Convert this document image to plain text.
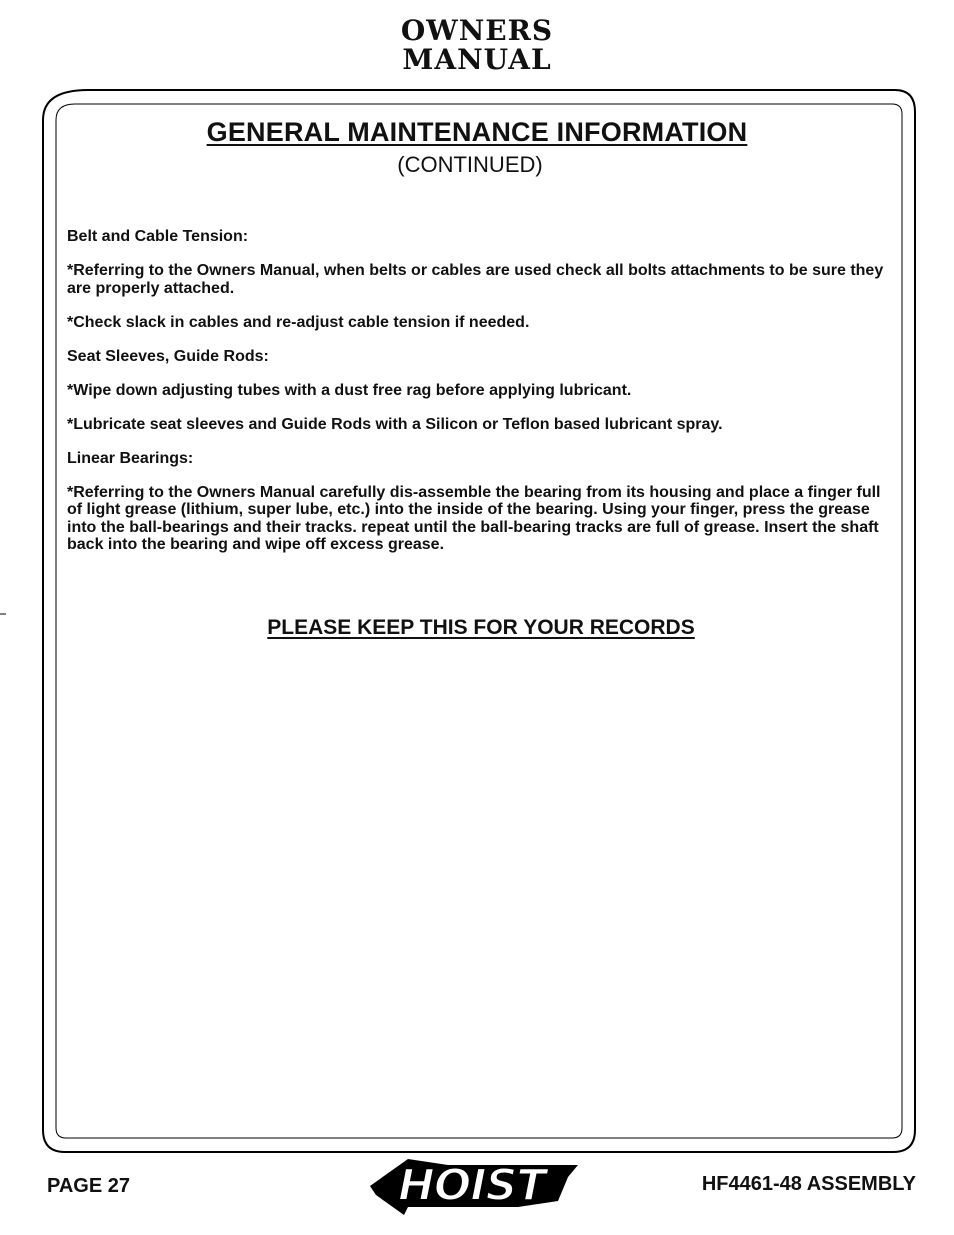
OWNERS
MANUAL
GENERAL MAINTENANCE INFORMATION
(CONTINUED)

Belt and Cable Tension:

*Referring to the Owners Manual, when belts or cables are used check all bolts attachments to be sure they are properly attached.

*Check slack in cables and re-adjust cable tension if needed.

Seat Sleeves, Guide Rods:

*Wipe down adjusting tubes with a dust free rag before applying lubricant.

*Lubricate seat sleeves and Guide Rods with a Silicon or Teflon based lubricant spray.

Linear Bearings:

*Referring to the Owners Manual carefully dis-assemble the bearing from its housing and place a finger full of light grease (lithium, super lube, etc.) into the inside of the bearing. Using your finger, press the grease into the ball-bearings and their tracks. repeat until the ball-bearing tracks are full of grease. Insert the shaft back into the bearing and wipe off excess grease.

PLEASE KEEP THIS FOR YOUR RECORDS
PAGE 27	HOIST	HF4461-48 ASSEMBLY
